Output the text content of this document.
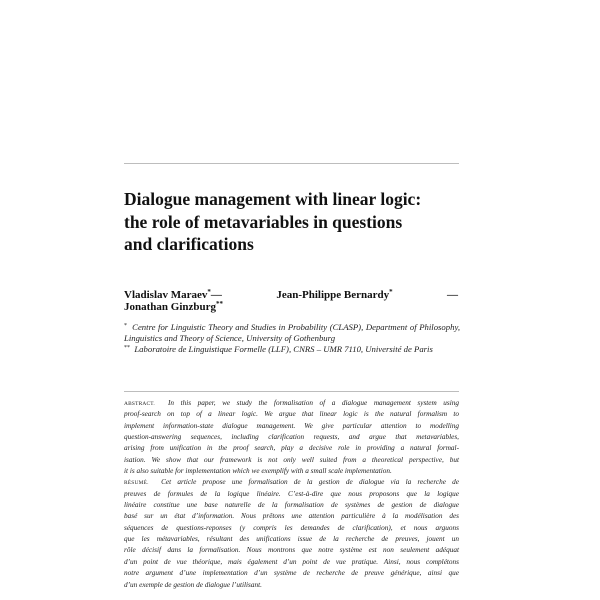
Dialogue management with linear logic:
the role of metavariables in questions
and clarifications
Vladislav Maraev*—	Jean-Philippe Bernardy*	—
Jonathan Ginzburg**
* Centre for Linguistic Theory and Studies in Probability (CLASP), Department of Philosophy, Linguistics and Theory of Science, University of Gothenburg
** Laboratoire de Linguistique Formelle (LLF), CNRS – UMR 7110, Université de Paris
ABSTRACT. In this paper, we study the formalisation of a dialogue management system using
proof-search on top of a linear logic. We argue that linear logic is the natural formalism to
implement information-state dialogue management. We give particular attention to modelling
question-answering sequences, including clarification requests, and argue that metavariables,
arising from unification in the proof search, play a decisive role in providing a natural formal-
isation. We show that our framework is not only well suited from a theoretical perspective, but
it is also suitable for implementation which we exemplify with a small scale implementation.
RÉSUMÉ. Cet article propose une formalisation de la gestion de dialogue via la recherche de
preuves de formules de la logique linéaire. C’est-à-dire que nous proposons que la logique
linéaire constitue une base naturelle de la formalisation de systèmes de gestion de dialogue
basé sur un état d’information. Nous prêtons une attention particulière à la modélisation des
séquences de questions-reponses (y compris les demandes de clarification), et nous arguons
que les métavariables, résultant des unifications issue de la recherche de preuves, jouent un
rôle décisif dans la formalisation. Nous montrons que notre système est non seulement adéquat
d’un point de vue théorique, mais également d’un point de vue pratique. Ainsi, nous complétons
notre argument d’une implementation d’un système de recherche de preuve générique, ainsi que
d’un exemple de gestion de dialogue l’utilisant.
